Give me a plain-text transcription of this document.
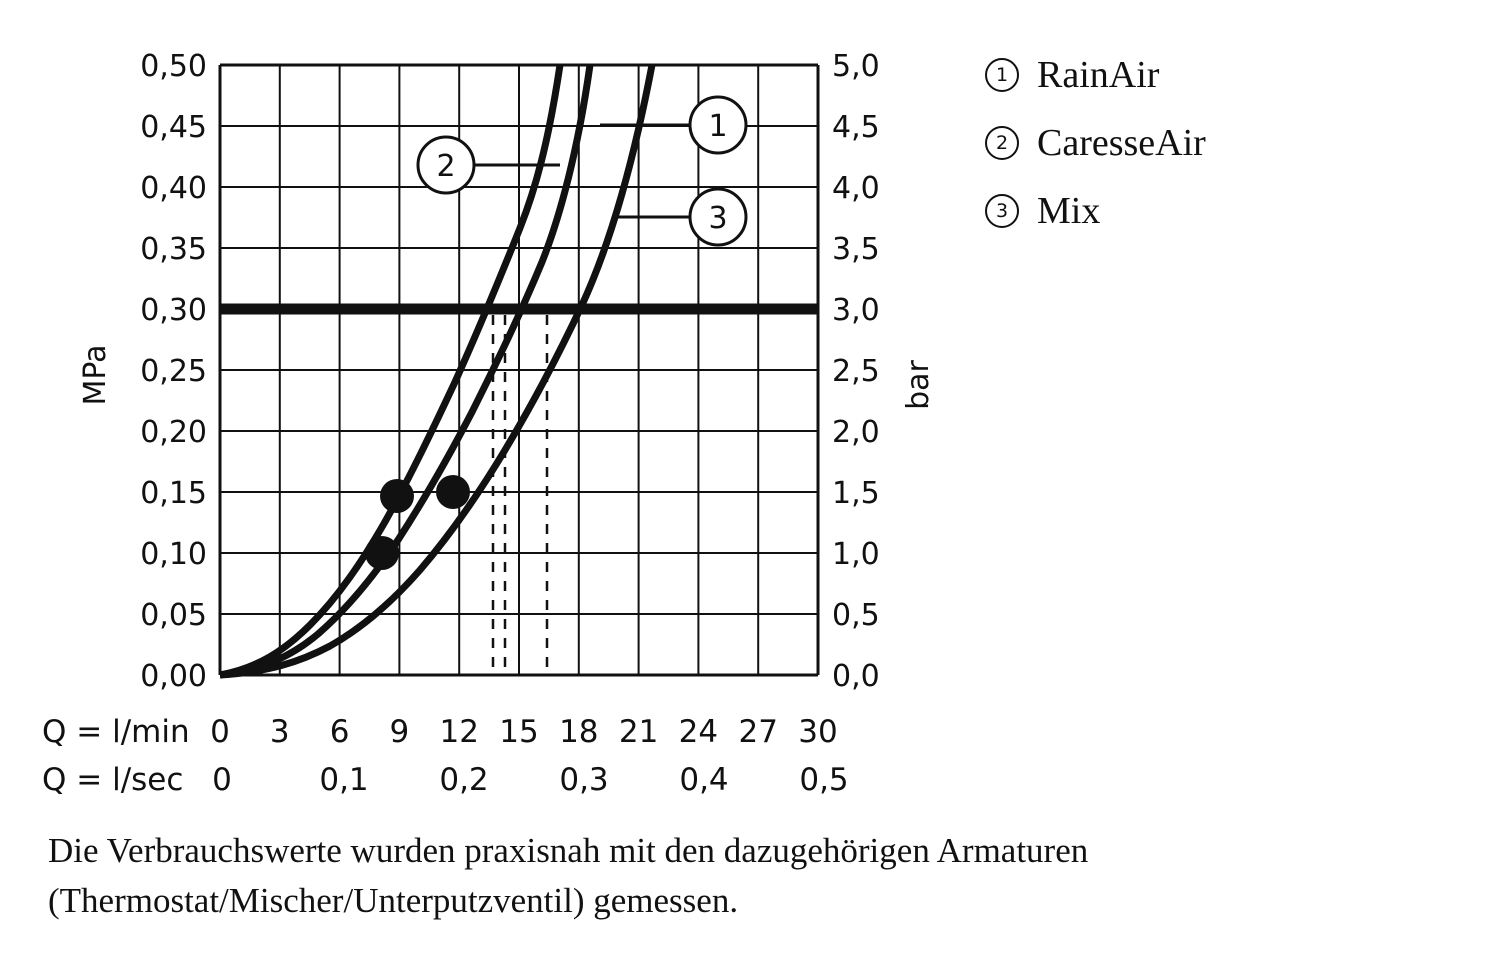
2
1
3
0,50
0,45
0,40
0,35
0,30
0,25
0,20
0,15
0,10
0,05
0,00
5,0
4,5
4,0
3,5
3,0
2,5
2,0
1,5
1,0
0,5
0,0
MPa	bar
Q = l/min 0 3 6 9 12 15 18 21 24 27 30
Q = l/sec 0	0,1 0,2 0,3 0,4 0,5
1 RainAir
2 CaresseAir
3 Mix
Die Verbrauchswerte wurden praxisnah mit den dazugehörigen Armaturen (Thermostat/Mischer/Unterputzventil) gemessen.
